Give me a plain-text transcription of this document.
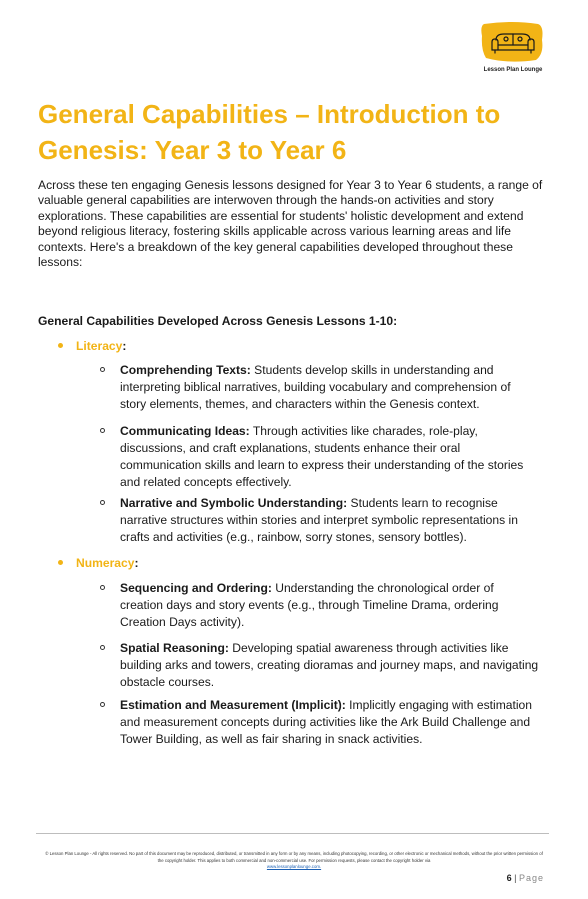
Lesson Plan Lounge
General Capabilities – Introduction to Genesis: Year 3 to Year 6

Across these ten engaging Genesis lessons designed for Year 3 to Year 6 students, a range of valuable general capabilities are interwoven through the hands-on activities and story explorations. These capabilities are essential for students' holistic development and extend beyond religious literacy, fostering skills applicable across various learning areas and life contexts. Here's a breakdown of the key general capabilities developed throughout these lessons:

General Capabilities Developed Across Genesis Lessons 1-10:
Literacy:
Comprehending Texts: Students develop skills in understanding and interpreting biblical narratives, building vocabulary and comprehension of story elements, themes, and characters within the Genesis context.
Communicating Ideas: Through activities like charades, role-play, discussions, and craft explanations, students enhance their oral communication skills and learn to express their understanding of the stories and related concepts effectively.
Narrative and Symbolic Understanding: Students learn to recognise narrative structures within stories and interpret symbolic representations in crafts and activities (e.g., rainbow, sorry stones, sensory bottles).
Numeracy:
Sequencing and Ordering: Understanding the chronological order of creation days and story events (e.g., through Timeline Drama, ordering Creation Days activity).
Spatial Reasoning: Developing spatial awareness through activities like building arks and towers, creating dioramas and journey maps, and navigating obstacle courses.
Estimation and Measurement (Implicit): Implicitly engaging with estimation and measurement concepts during activities like the Ark Build Challenge and Tower Building, as well as fair sharing in snack activities.
© Lesson Plan Lounge - All rights reserved. No part of this document may be reproduced, distributed, or transmitted in any form or by any means, including photocopying, recording, or other electronic or mechanical methods, without the prior written permission of the copyright holder. This applies to both commercial and non-commercial use. For permission requests, please contact the copyright holder via
www.lessonplanlounge.com.
6 | Page
